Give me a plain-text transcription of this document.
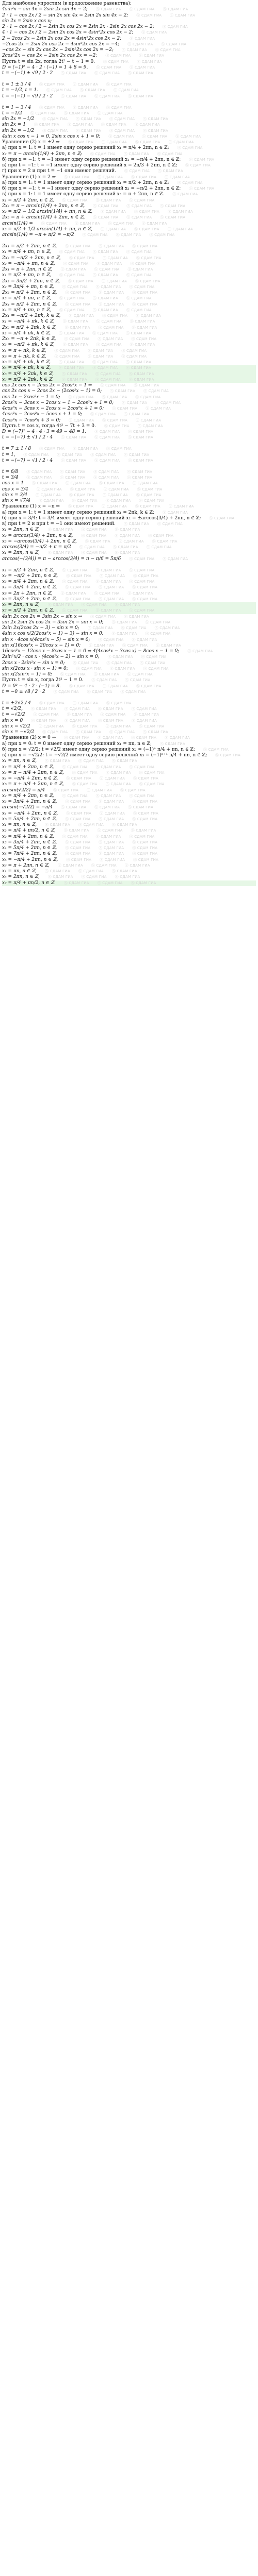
Для наиболее упростим (в продолжение равенства):
4sin²x − sin 4x = 2sin 2x sin 4x − 2; Ⓢ СДАМ ГИА Ⓢ СДАМ ГИА Ⓢ СДАМ ГИА
2 · 1 − cos 2x / 2 − sin 2x sin 4x = 2sin 2x sin 4x − 2; Ⓢ СДАМ ГИА Ⓢ СДАМ ГИА
sin 2x = 2sin x cos x;
2 · 1 − cos 2x / 2 − 2sin 2x cos 2x = 2sin 2x · 2sin 2x cos 2x − 2; Ⓢ СДАМ ГИА
4 · 1 − cos 2x / 2 − 2sin 2x cos 2x = 4sin²2x cos 2x − 2; Ⓢ СДАМ ГИА
2 − 2cos 2x − 2sin 2x cos 2x = 4sin²2x cos 2x − 2; Ⓢ СДАМ ГИА
−2cos 2x − 2sin 2x cos 2x − 4sin²2x cos 2x = −4; Ⓢ СДАМ ГИА Ⓢ СДАМ ГИА
−cos 2x − sin 2x cos 2x − 2sin²2x cos 2x = −2; Ⓢ СДАМ ГИА Ⓢ СДАМ ГИА
2cos³2x − cos 2x − 2sin 2x cos 2x = −2; Ⓢ СДАМ ГИА Ⓢ СДАМ ГИА
Пусть t = sin 2x, тогда 2t² − t − 1 = 0. Ⓢ СДАМ ГИА Ⓢ СДАМ ГИА
D = (−1)² − 4 · 2 · (−1) = 1 + 8 = 9. Ⓢ СДАМ ГИА Ⓢ СДАМ ГИА
t = −(−1) ± √9 / 2 · 2 Ⓢ СДАМ ГИА Ⓢ СДАМ ГИА Ⓢ СДАМ ГИА
t = 1 ± 3 / 4 Ⓢ СДАМ ГИА Ⓢ СДАМ ГИА Ⓢ СДАМ ГИА
t = −1/2, t = 1. Ⓢ СДАМ ГИА Ⓢ СДАМ ГИА Ⓢ СДАМ ГИА
t = −(−1) − √9 / 2 · 2 Ⓢ СДАМ ГИА Ⓢ СДАМ ГИА Ⓢ СДАМ ГИА
t = 1 − 3 / 4 Ⓢ СДАМ ГИА Ⓢ СДАМ ГИА Ⓢ СДАМ ГИА
t = −1/2 Ⓢ СДАМ ГИА Ⓢ СДАМ ГИА Ⓢ СДАМ ГИА
sin 2x = −1/2 Ⓢ СДАМ ГИА Ⓢ СДАМ ГИА Ⓢ СДАМ ГИА Ⓢ СДАМ ГИА
sin 2x = 1 Ⓢ СДАМ ГИА Ⓢ СДАМ ГИА Ⓢ СДАМ ГИА Ⓢ СДАМ ГИА
sin 2x = −1/2 Ⓢ СДАМ ГИА Ⓢ СДАМ ГИА Ⓢ СДАМ ГИА Ⓢ СДАМ ГИА
4sin x cos x − 1 = 0, 2sin x cos x + 1 = 0; Ⓢ СДАМ ГИА Ⓢ СДАМ ГИА Ⓢ СДАМ ГИА
Уравнение (2) x = ±2 ⇒ Ⓢ СДАМ ГИА Ⓢ СДАМ ГИА Ⓢ СДАМ ГИА Ⓢ СДАМ ГИА
a) при x = 1: t = 1 имеет одну серию решений x₁ = π/4 + 2πn, n ∈ ℤ; Ⓢ СДАМ ГИА
x₂ = π − arcsin(1/4) + 2πn, n ∈ ℤ; Ⓢ СДАМ ГИА Ⓢ СДАМ ГИА Ⓢ СДАМ ГИА
б) при x = −1: t = −1 имеет одну серию решений x₁ = −π/4 + 2πn, n ∈ ℤ; Ⓢ СДАМ ГИА
в) при t = −1: t = −1 имеет одну серию решений x = 2π/3 + 2πn, n ∈ ℤ; Ⓢ СДАМ ГИА
г) при x = 2 и при t = −1 они имеют решений. Ⓢ СДАМ ГИА Ⓢ СДАМ ГИА
Уравнение (1) x = 2 ⇒ Ⓢ СДАМ ГИА Ⓢ СДАМ ГИА Ⓢ СДАМ ГИА Ⓢ СДАМ ГИА
а) при x = 1: t = 1 имеет одну серию решений x₁ = π/2 + 2πn, n ∈ ℤ; Ⓢ СДАМ ГИА
б) при x = −1: t = −1 имеет одну серию решений x₂ = −π/2 + 2πn, n ∈ ℤ; Ⓢ СДАМ ГИА
в) при x = 1: t = 1 имеет одну серию решений x₃ = π + 2πn, n ∈ ℤ. Ⓢ СДАМ ГИА
x₁ = π/2 + 2πn, n ∈ ℤ, Ⓢ СДАМ ГИА Ⓢ СДАМ ГИА Ⓢ СДАМ ГИА
2x₂ = π − arcsin(1/4) + 2πn, n ∈ ℤ, Ⓢ СДАМ ГИА Ⓢ СДАМ ГИА Ⓢ СДАМ ГИА
x₂ = π/2 − 1/2 arcsin(1/4) + πn, n ∈ ℤ, Ⓢ СДАМ ГИА Ⓢ СДАМ ГИА Ⓢ СДАМ ГИА
2x₃ = π + arcsin(1/4) + 2πn, n ∈ ℤ, Ⓢ СДАМ ГИА Ⓢ СДАМ ГИА Ⓢ СДАМ ГИА
arcsin(1/4) = Ⓢ СДАМ ГИА Ⓢ СДАМ ГИА Ⓢ СДАМ ГИА Ⓢ СДАМ ГИА
x₃ = π/2 + 1/2 arcsin(1/4) + πn, n ∈ ℤ, Ⓢ СДАМ ГИА Ⓢ СДАМ ГИА Ⓢ СДАМ ГИА
arcsin(1/4) = −π + π/2 = −π/2 Ⓢ СДАМ ГИА Ⓢ СДАМ ГИА Ⓢ СДАМ ГИА
2x₁ = π/2 + 2πn, n ∈ ℤ, Ⓢ СДАМ ГИА Ⓢ СДАМ ГИА Ⓢ СДАМ ГИА
x₁ = π/4 + πn, n ∈ ℤ, Ⓢ СДАМ ГИА Ⓢ СДАМ ГИА Ⓢ СДАМ ГИА
2x₂ = −π/2 + 2πn, n ∈ ℤ, Ⓢ СДАМ ГИА Ⓢ СДАМ ГИА Ⓢ СДАМ ГИА
x₂ = −π/4 + πn, n ∈ ℤ, Ⓢ СДАМ ГИА Ⓢ СДАМ ГИА Ⓢ СДАМ ГИА
2x₁ = π + 2πn, n ∈ ℤ, Ⓢ СДАМ ГИА Ⓢ СДАМ ГИА Ⓢ СДАМ ГИА
x₁ = π/2 + πn, n ∈ ℤ, Ⓢ СДАМ ГИА Ⓢ СДАМ ГИА Ⓢ СДАМ ГИА
2x₂ = 3π/2 + 2πn, n ∈ ℤ, Ⓢ СДАМ ГИА Ⓢ СДАМ ГИА Ⓢ СДАМ ГИА
x₂ = 3π/4 + πn, n ∈ ℤ, Ⓢ СДАМ ГИА Ⓢ СДАМ ГИА Ⓢ СДАМ ГИА
2x₃ = π/2 + 2πn, n ∈ ℤ, Ⓢ СДАМ ГИА Ⓢ СДАМ ГИА Ⓢ СДАМ ГИА
x₃ = π/4 + πn, n ∈ ℤ, Ⓢ СДАМ ГИА Ⓢ СДАМ ГИА Ⓢ СДАМ ГИА
2x₄ = π/2 + 2πn, n ∈ ℤ, Ⓢ СДАМ ГИА Ⓢ СДАМ ГИА Ⓢ СДАМ ГИА
x₄ = π/4 + πn, n ∈ ℤ, Ⓢ СДАМ ГИА Ⓢ СДАМ ГИА Ⓢ СДАМ ГИА
2x₁ = −π/2 + 2πk, k ∈ ℤ, Ⓢ СДАМ ГИА Ⓢ СДАМ ГИА Ⓢ СДАМ ГИА
x₁ = −π/4 + πk, k ∈ ℤ, Ⓢ СДАМ ГИА Ⓢ СДАМ ГИА Ⓢ СДАМ ГИА
2x₂ = π/2 + 2πk, k ∈ ℤ, Ⓢ СДАМ ГИА Ⓢ СДАМ ГИА Ⓢ СДАМ ГИА
x₂ = π/4 + πk, k ∈ ℤ, Ⓢ СДАМ ГИА Ⓢ СДАМ ГИА Ⓢ СДАМ ГИА
2x₃ = −π + 2πk, k ∈ ℤ, Ⓢ СДАМ ГИА Ⓢ СДАМ ГИА Ⓢ СДАМ ГИА
x₃ = −π/2 + πk, k ∈ ℤ, Ⓢ СДАМ ГИА Ⓢ СДАМ ГИА Ⓢ СДАМ ГИА
x₄ = π + πk, k ∈ ℤ, Ⓢ СДАМ ГИА Ⓢ СДАМ ГИА Ⓢ СДАМ ГИА
x₅ = π + πk, k ∈ ℤ, Ⓢ СДАМ ГИА Ⓢ СДАМ ГИА Ⓢ СДАМ ГИА
x₆ = π/4 + πk, k ∈ ℤ, Ⓢ СДАМ ГИА Ⓢ СДАМ ГИА Ⓢ СДАМ ГИА
x₆ = π/4 + πk, k ∈ ℤ, Ⓢ СДАМ ГИА Ⓢ СДАМ ГИА Ⓢ СДАМ ГИА
x₆ = π/4 + 2πk, k ∈ ℤ, Ⓢ СДАМ ГИА Ⓢ СДАМ ГИА Ⓢ СДАМ ГИА
x₇ = π/2 + 2πk, k ∈ ℤ. Ⓢ СДАМ ГИА Ⓢ СДАМ ГИА Ⓢ СДАМ ГИА
cos 2x cos x − 2cos 2x = 2cos²x − 1 ⇒ Ⓢ СДАМ ГИА Ⓢ СДАМ ГИА
cos 2x cos x − 2cos 2x − (2cos²x − 1) = 0; Ⓢ СДАМ ГИА Ⓢ СДАМ ГИА
cos 2x − 2cos²x − 1 = 0; Ⓢ СДАМ ГИА Ⓢ СДАМ ГИА Ⓢ СДАМ ГИА
2cos³x − 3cos x − 2cos x − 1 − 2cos²x + 1 = 0; Ⓢ СДАМ ГИА Ⓢ СДАМ ГИА
4cos³x − 3cos x − 2cos x − 2cos²x + 1 = 0; Ⓢ СДАМ ГИА Ⓢ СДАМ ГИА
4cos³x − 2cos²x − 5cos x + 1 = 0; Ⓢ СДАМ ГИА Ⓢ СДАМ ГИА
4cos³x − 7cos²x + 3 = 0; Ⓢ СДАМ ГИА Ⓢ СДАМ ГИА Ⓢ СДАМ ГИА
Пусть t = cos x, тогда 4t² − 7t + 3 = 0. Ⓢ СДАМ ГИА Ⓢ СДАМ ГИА
D = (−7)² − 4 · 4 · 3 = 49 − 48 = 1. Ⓢ СДАМ ГИА Ⓢ СДАМ ГИА
t = −(−7) ± √1 / 2 · 4 Ⓢ СДАМ ГИА Ⓢ СДАМ ГИА Ⓢ СДАМ ГИА
t = 7 ± 1 / 8 Ⓢ СДАМ ГИА Ⓢ СДАМ ГИА Ⓢ СДАМ ГИА
t = 1, Ⓢ СДАМ ГИА Ⓢ СДАМ ГИА Ⓢ СДАМ ГИА Ⓢ СДАМ ГИА
t = −(−7) − √1 / 2 · 4 Ⓢ СДАМ ГИА Ⓢ СДАМ ГИА Ⓢ СДАМ ГИА
t = 6/8 Ⓢ СДАМ ГИА Ⓢ СДАМ ГИА Ⓢ СДАМ ГИА Ⓢ СДАМ ГИА
t = 3/4 Ⓢ СДАМ ГИА Ⓢ СДАМ ГИА Ⓢ СДАМ ГИА Ⓢ СДАМ ГИА
cos x = 1 Ⓢ СДАМ ГИА Ⓢ СДАМ ГИА Ⓢ СДАМ ГИА Ⓢ СДАМ ГИА
cos x = 3/4 Ⓢ СДАМ ГИА Ⓢ СДАМ ГИА Ⓢ СДАМ ГИА Ⓢ СДАМ ГИА
sin x = 3/4 Ⓢ СДАМ ГИА Ⓢ СДАМ ГИА Ⓢ СДАМ ГИА Ⓢ СДАМ ГИА
sin x = √7/4 Ⓢ СДАМ ГИА Ⓢ СДАМ ГИА Ⓢ СДАМ ГИА Ⓢ СДАМ ГИА
Уравнение (1) x = −π ⇒ Ⓢ СДАМ ГИА Ⓢ СДАМ ГИА Ⓢ СДАМ ГИА Ⓢ СДАМ ГИА
а) при x = 1: t = 1 имеет одну серию решений x₁ = 2πk, k ∈ ℤ; Ⓢ СДАМ ГИА
б) при x = 3/4: t = 3/4 имеет одну серию решений x₂ = ±arccos(3/4) + 2πn, n ∈ ℤ; Ⓢ СДАМ ГИА
в) при t = 2 и при t = −1 они имеют решений. Ⓢ СДАМ ГИА Ⓢ СДАМ ГИА
x₁ = 2πn, n ∈ ℤ, Ⓢ СДАМ ГИА Ⓢ СДАМ ГИА Ⓢ СДАМ ГИА
x₂ = arccos(3/4) + 2πn, n ∈ ℤ, Ⓢ СДАМ ГИА Ⓢ СДАМ ГИА Ⓢ СДАМ ГИА
x₃ = −arccos(3/4) + 2πn, n ∈ ℤ, Ⓢ СДАМ ГИА Ⓢ СДАМ ГИА Ⓢ СДАМ ГИА
arccos(3/4) = −π/2 + π = π/2 Ⓢ СДАМ ГИА Ⓢ СДАМ ГИА Ⓢ СДАМ ГИА
x₁ = 2πn, n ∈ ℤ, Ⓢ СДАМ ГИА Ⓢ СДАМ ГИА Ⓢ СДАМ ГИА
arccos(−(3/4)) = π − arccos(3/4) = π − π/6 = 5π/6 Ⓢ СДАМ ГИА Ⓢ СДАМ ГИА
x₁ = π/2 + 2πn, n ∈ ℤ, Ⓢ СДАМ ГИА Ⓢ СДАМ ГИА Ⓢ СДАМ ГИА
x₂ = −π/2 + 2πn, n ∈ ℤ, Ⓢ СДАМ ГИА Ⓢ СДАМ ГИА Ⓢ СДАМ ГИА
x₃ = π/4 + 2πn, n ∈ ℤ, Ⓢ СДАМ ГИА Ⓢ СДАМ ГИА Ⓢ СДАМ ГИА
x₄ = 3π/4 + 2πn, n ∈ ℤ, Ⓢ СДАМ ГИА Ⓢ СДАМ ГИА Ⓢ СДАМ ГИА
x₅ = 2π + 2πn, n ∈ ℤ, Ⓢ СДАМ ГИА Ⓢ СДАМ ГИА Ⓢ СДАМ ГИА
x₆ = 3π/2 + 2πn, n ∈ ℤ, Ⓢ СДАМ ГИА Ⓢ СДАМ ГИА Ⓢ СДАМ ГИА
x₆ = 2πn, n ∈ ℤ, Ⓢ СДАМ ГИА Ⓢ СДАМ ГИА Ⓢ СДАМ ГИА
x₇ = π/2 + 2πn, n ∈ ℤ, Ⓢ СДАМ ГИА Ⓢ СДАМ ГИА Ⓢ СДАМ ГИА
4sin 2x cos 2x = 3sin 2x − sin x ⇒ Ⓢ СДАМ ГИА Ⓢ СДАМ ГИА
sin 2x 2sin 2x cos 2x − 3sin 2x − sin x = 0; Ⓢ СДАМ ГИА Ⓢ СДАМ ГИА
2sin 2x(2cos 2x − 3) − sin x = 0; Ⓢ СДАМ ГИА Ⓢ СДАМ ГИА Ⓢ СДАМ ГИА
4sin x cos x(2(2cos²x − 1) − 3) − sin x = 0; Ⓢ СДАМ ГИА Ⓢ СДАМ ГИА
sin x · 4cos x(4cos²x − 5) − sin x = 0; Ⓢ СДАМ ГИА Ⓢ СДАМ ГИА
sin x(16cos³x − 20cos x − 1) = 0; Ⓢ СДАМ ГИА Ⓢ СДАМ ГИА Ⓢ СДАМ ГИА
16cos³x − 12cos x − 8cos x − 1 = 0 ⇒ 4(4cos³x − 3cos x) − 8cos x − 1 = 0; Ⓢ СДАМ ГИА
2sin²x/2 · cos x · (4cos²x − 2) − sin x = 0; Ⓢ СДАМ ГИА Ⓢ СДАМ ГИА
2cos x · 2sin²x − sin x = 0; Ⓢ СДАМ ГИА Ⓢ СДАМ ГИА Ⓢ СДАМ ГИА
sin x(2cos x · sin x − 1) = 0; Ⓢ СДАМ ГИА Ⓢ СДАМ ГИА Ⓢ СДАМ ГИА
sin x(2sin²x − 1) = 0; Ⓢ СДАМ ГИА Ⓢ СДАМ ГИА Ⓢ СДАМ ГИА
Пусть t = sin x, тогда 2t² − 1 = 0. Ⓢ СДАМ ГИА Ⓢ СДАМ ГИА
D = 0² − 4 · 2 · (−1) = 8. Ⓢ СДАМ ГИА Ⓢ СДАМ ГИА Ⓢ СДАМ ГИА
t = −0 ± √8 / 2 · 2 Ⓢ СДАМ ГИА Ⓢ СДАМ ГИА Ⓢ СДАМ ГИА
t = ±2√2 / 4 Ⓢ СДАМ ГИА Ⓢ СДАМ ГИА Ⓢ СДАМ ГИА
t = √2/2, Ⓢ СДАМ ГИА Ⓢ СДАМ ГИА Ⓢ СДАМ ГИА Ⓢ СДАМ ГИА
t = −√2/2 Ⓢ СДАМ ГИА Ⓢ СДАМ ГИА Ⓢ СДАМ ГИА Ⓢ СДАМ ГИА
sin x = 0 Ⓢ СДАМ ГИА Ⓢ СДАМ ГИА Ⓢ СДАМ ГИА Ⓢ СДАМ ГИА
sin x = √2/2 Ⓢ СДАМ ГИА Ⓢ СДАМ ГИА Ⓢ СДАМ ГИА Ⓢ СДАМ ГИА
sin x = −√2/2 Ⓢ СДАМ ГИА Ⓢ СДАМ ГИА Ⓢ СДАМ ГИА Ⓢ СДАМ ГИА
Уравнение (2) x = 0 ⇒ Ⓢ СДАМ ГИА Ⓢ СДАМ ГИА Ⓢ СДАМ ГИА Ⓢ СДАМ ГИА
а) при x = 0: t = 0 имеет одну серию решений x₁ = πn, n ∈ ℤ; Ⓢ СДАМ ГИА
б) при x = √2/2: t = √2/2 имеет одну серию решений x₂ = (−1)ⁿ π/4 + πn, n ∈ ℤ; Ⓢ СДАМ ГИА
в) при x = −√2/2: t = −√2/2 имеет одну серию решений x₃ = (−1)ⁿ⁺¹ π/4 + πn, n ∈ ℤ; Ⓢ СДАМ ГИА
x₁ = πn, n ∈ ℤ, Ⓢ СДАМ ГИА Ⓢ СДАМ ГИА Ⓢ СДАМ ГИА
x₂ = π/4 + 2πn, n ∈ ℤ, Ⓢ СДАМ ГИА Ⓢ СДАМ ГИА Ⓢ СДАМ ГИА
x₃ = π − π/4 + 2πn, n ∈ ℤ, Ⓢ СДАМ ГИА Ⓢ СДАМ ГИА Ⓢ СДАМ ГИА
x₄ = −π/4 + 2πn, n ∈ ℤ, Ⓢ СДАМ ГИА Ⓢ СДАМ ГИА Ⓢ СДАМ ГИА
x₅ = π + π/4 + 2πn, n ∈ ℤ, Ⓢ СДАМ ГИА Ⓢ СДАМ ГИА Ⓢ СДАМ ГИА
arcsin(√2/2) = π/4 Ⓢ СДАМ ГИА Ⓢ СДАМ ГИА Ⓢ СДАМ ГИА
x₂ = π/4 + 2πn, n ∈ ℤ, Ⓢ СДАМ ГИА Ⓢ СДАМ ГИА Ⓢ СДАМ ГИА
x₃ = 3π/4 + 2πn, n ∈ ℤ, Ⓢ СДАМ ГИА Ⓢ СДАМ ГИА Ⓢ СДАМ ГИА
arcsin(−√2/2) = −π/4 Ⓢ СДАМ ГИА Ⓢ СДАМ ГИА Ⓢ СДАМ ГИА
x₄ = −π/4 + 2πn, n ∈ ℤ, Ⓢ СДАМ ГИА Ⓢ СДАМ ГИА Ⓢ СДАМ ГИА
x₅ = 5π/4 + 2πn, n ∈ ℤ, Ⓢ СДАМ ГИА Ⓢ СДАМ ГИА Ⓢ СДАМ ГИА
x₁ = πn, n ∈ ℤ, Ⓢ СДАМ ГИА Ⓢ СДАМ ГИА Ⓢ СДАМ ГИА
x₂ = π/4 + πn/2, n ∈ ℤ, Ⓢ СДАМ ГИА Ⓢ СДАМ ГИА Ⓢ СДАМ ГИА
x₂ = π/4 + 2πn, n ∈ ℤ, Ⓢ СДАМ ГИА Ⓢ СДАМ ГИА Ⓢ СДАМ ГИА
x₃ = 3π/4 + 2πn, n ∈ ℤ, Ⓢ СДАМ ГИА Ⓢ СДАМ ГИА Ⓢ СДАМ ГИА
x₄ = 5π/4 + 2πn, n ∈ ℤ, Ⓢ СДАМ ГИА Ⓢ СДАМ ГИА Ⓢ СДАМ ГИА
x₅ = 7π/4 + 2πn, n ∈ ℤ, Ⓢ СДАМ ГИА Ⓢ СДАМ ГИА Ⓢ СДАМ ГИА
x₅ = −π/4 + 2πn, n ∈ ℤ, Ⓢ СДАМ ГИА Ⓢ СДАМ ГИА Ⓢ СДАМ ГИА
x₆ = π + 2πn, n ∈ ℤ, Ⓢ СДАМ ГИА Ⓢ СДАМ ГИА Ⓢ СДАМ ГИА
x₁ = πn, n ∈ ℤ, Ⓢ СДАМ ГИА Ⓢ СДАМ ГИА Ⓢ СДАМ ГИА
x₆ = 2πn, n ∈ ℤ, Ⓢ СДАМ ГИА Ⓢ СДАМ ГИА Ⓢ СДАМ ГИА
x₇ = π/4 + πn/2, n ∈ ℤ. Ⓢ СДАМ ГИА Ⓢ СДАМ ГИА Ⓢ СДАМ ГИА
